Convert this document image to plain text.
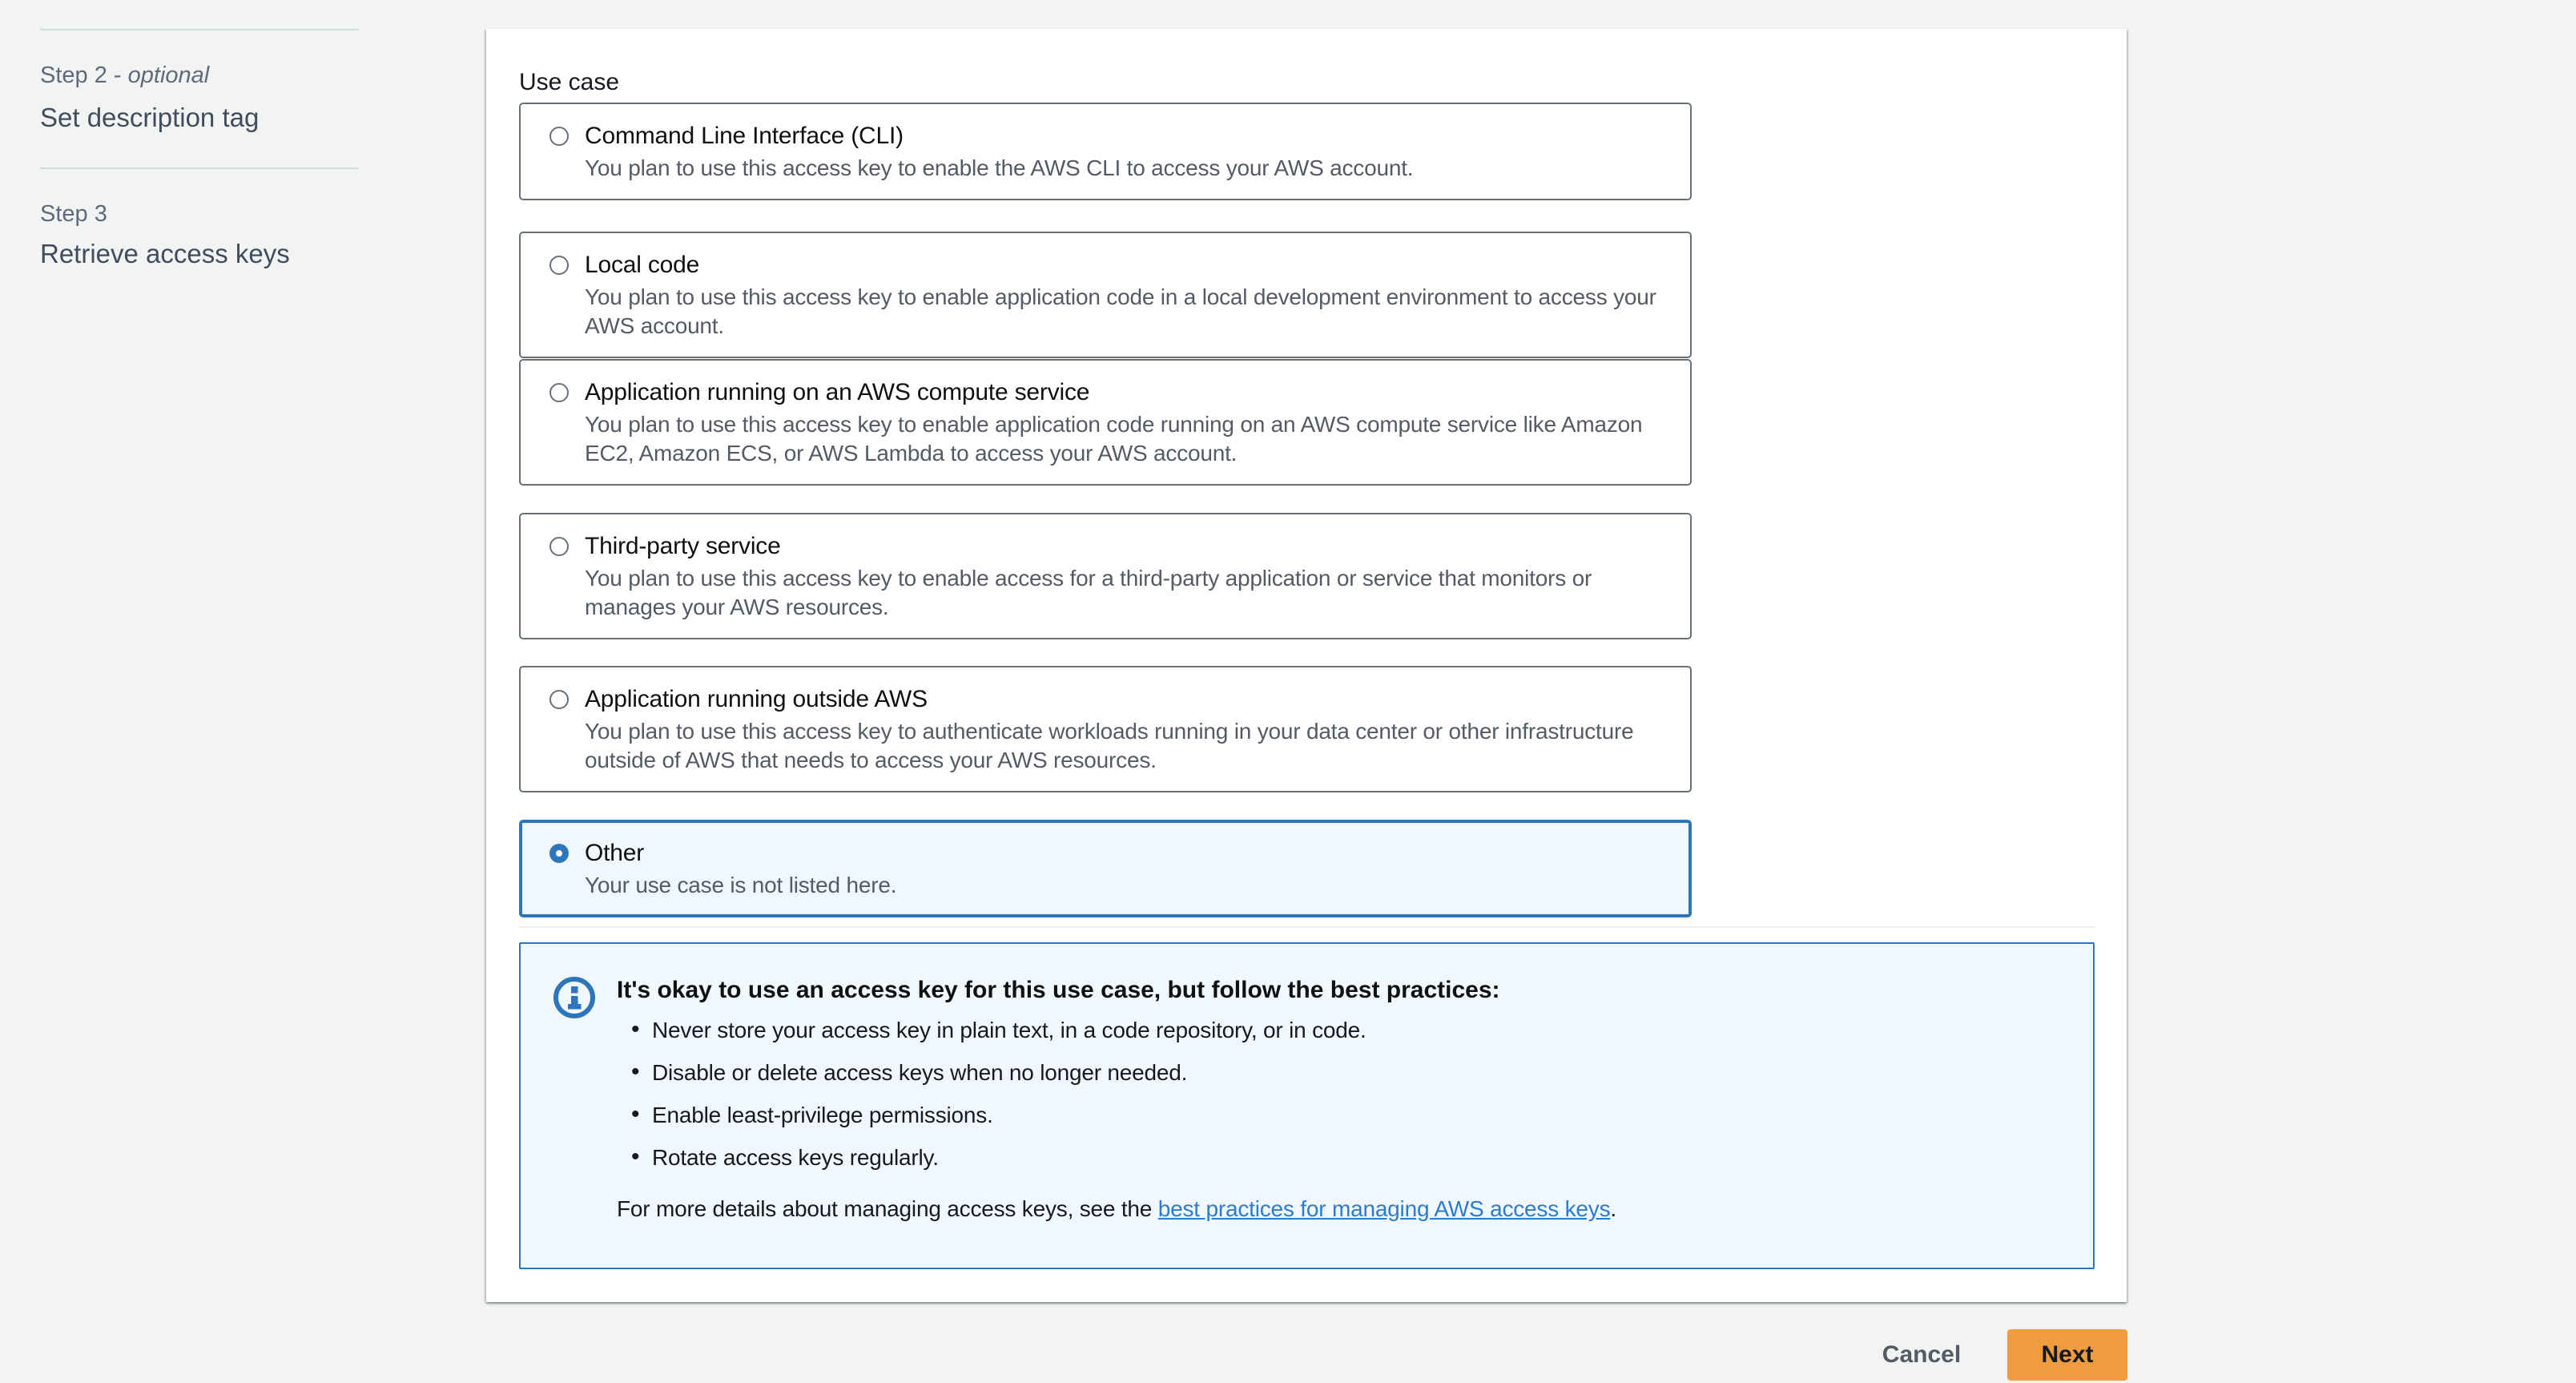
Step 2 - optional
Set description tag
Step 3
Retrieve access keys
Use case
Command Line Interface (CLI)
You plan to use this access key to enable the AWS CLI to access your AWS account.
Local code
You plan to use this access key to enable application code in a local development environment to access your AWS account.
Application running on an AWS compute service
You plan to use this access key to enable application code running on an AWS compute service like Amazon EC2, Amazon ECS, or AWS Lambda to access your AWS account.
Third-party service
You plan to use this access key to enable access for a third-party application or service that monitors or manages your AWS resources.
Application running outside AWS
You plan to use this access key to authenticate workloads running in your data center or other infrastructure outside of AWS that needs to access your AWS resources.
Other
Your use case is not listed here.
It's okay to use an access key for this use case, but follow the best practices:
• Never store your access key in plain text, in a code repository, or in code.
• Disable or delete access keys when no longer needed.
• Enable least-privilege permissions.
• Rotate access keys regularly.
For more details about managing access keys, see the best practices for managing AWS access keys.
Cancel	Next
